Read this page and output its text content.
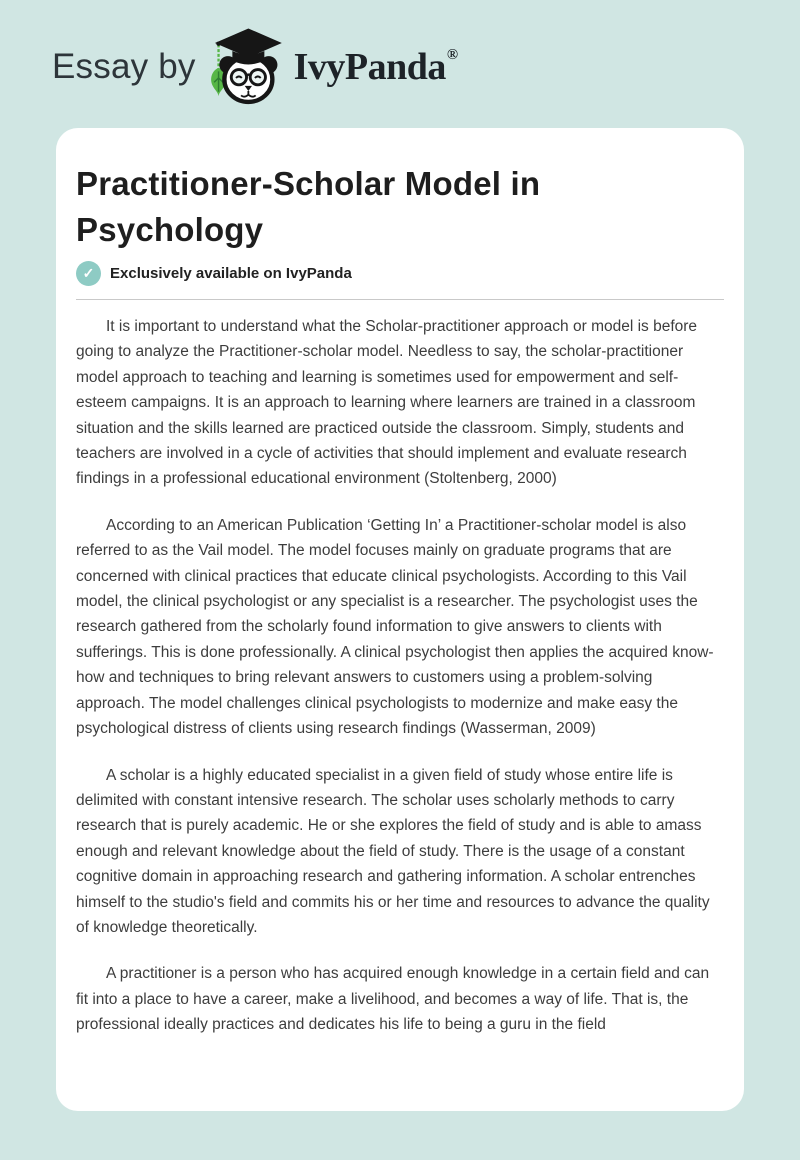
Essay by	IvyPanda®
Practitioner-Scholar Model in Psychology
✓	Exclusively available on IvyPanda

It is important to understand what the Scholar-practitioner approach or model is before going to analyze the Practitioner-scholar model. Needless to say, the scholar-practitioner model approach to teaching and learning is sometimes used for empowerment and self-esteem campaigns. It is an approach to learning where learners are trained in a classroom situation and the skills learned are practiced outside the classroom. Simply, students and teachers are involved in a cycle of activities that should implement and evaluate research findings in a professional educational environment (Stoltenberg, 2000)

According to an American Publication ‘Getting In’ a Practitioner-scholar model is also referred to as the Vail model. The model focuses mainly on graduate programs that are concerned with clinical practices that educate clinical psychologists. According to this Vail model, the clinical psychologist or any specialist is a researcher. The psychologist uses the research gathered from the scholarly found information to give answers to clients with sufferings. This is done professionally. A clinical psychologist then applies the acquired know-how and techniques to bring relevant answers to customers using a problem-solving approach. The model challenges clinical psychologists to modernize and make easy the psychological distress of clients using research findings (Wasserman, 2009)

A scholar is a highly educated specialist in a given field of study whose entire life is delimited with constant intensive research. The scholar uses scholarly methods to carry research that is purely academic. He or she explores the field of study and is able to amass enough and relevant knowledge about the field of study. There is the usage of a constant cognitive domain in approaching research and gathering information. A scholar entrenches himself to the studio's field and commits his or her time and resources to advance the quality of knowledge theoretically.

A practitioner is a person who has acquired enough knowledge in a certain field and can fit into a place to have a career, make a livelihood, and becomes a way of life. That is, the professional ideally practices and dedicates his life to being a guru in the field
